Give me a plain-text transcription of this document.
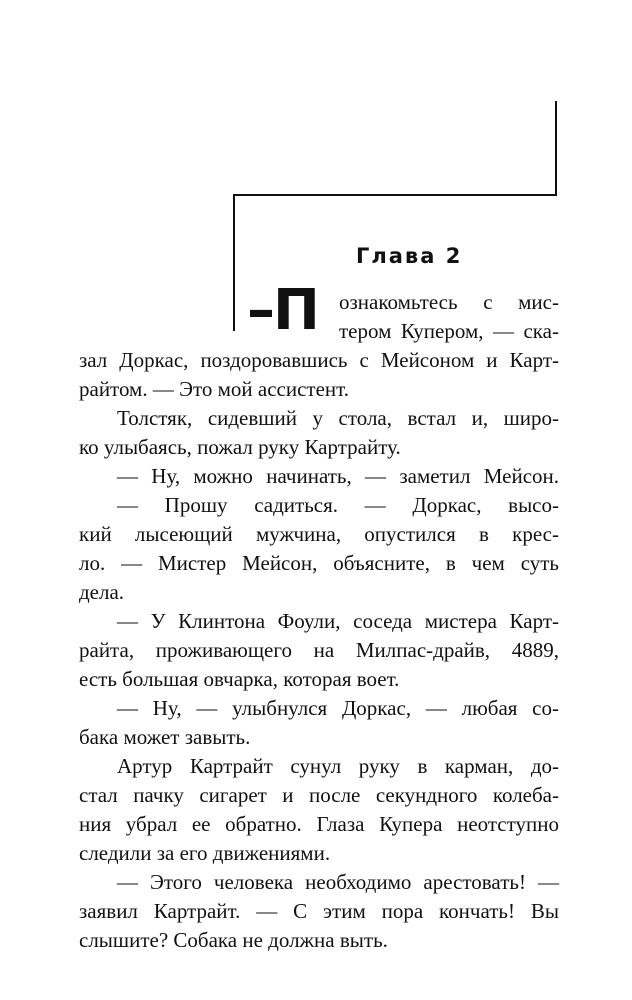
Глава 2
–П ознакомьтесь с мис-
тером Купером, — ска-
зал Доркас, поздоровавшись с Мейсоном и Карт-
райтом. — Это мой ассистент.
Толстяк, сидевший у стола, встал и, широ-
ко улыбаясь, пожал руку Картрайту.
— Ну, можно начинать, — заметил Мейсон.
— Прошу садиться. — Доркас, высо-
кий лысеющий мужчина, опустился в крес-
ло. — Мистер Мейсон, объясните, в чем суть
дела.
— У Клинтона Фоули, соседа мистера Карт-
райта, проживающего на Милпас-драйв, 4889,
есть большая овчарка, которая воет.
— Ну, — улыбнулся Доркас, — любая со-
бака может завыть.
Артур Картрайт сунул руку в карман, до-
стал пачку сигарет и после секундного колеба-
ния убрал ее обратно. Глаза Купера неотступно
следили за его движениями.
— Этого человека необходимо арестовать! —
заявил Картрайт. — С этим пора кончать! Вы
слышите? Собака не должна выть.
